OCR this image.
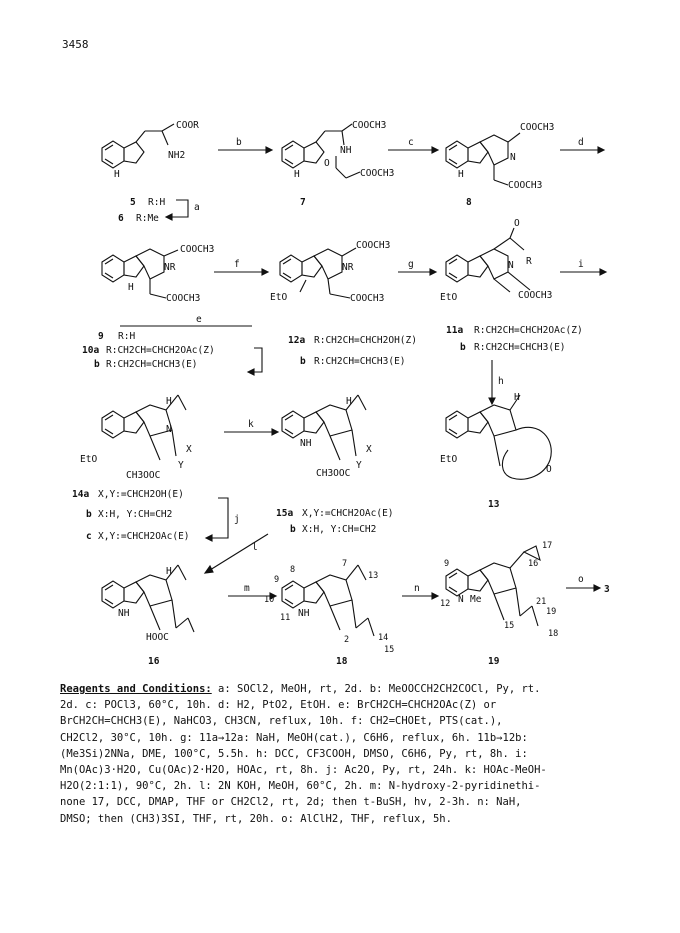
3458
COOR
H
NH2
b
5 R:H	a
6 R:Me
COOCH3
NH
H
O
COOCH3
7
c
COOCH3
N
H
COOCH3
8
d
COOCH3
NR
H
COOCH3
f
9 R:H
e
10a R:CH2CH=CHCH2OAc(Z)
b R:CH2CH=CHCH3(E)
COOCH3
NR
EtO	COOCH3
g
12a R:CH2CH=CHCH2OH(Z)
b R:CH2CH=CHCH3(E)
O
N R
EtO	COOCH3
i
11a R:CH2CH=CHCH2OAc(Z)
b R:CH2CH=CHCH3(E)
h
H
N
EtO
X
Y
CH3OOC
k
14a X,Y:=CHCH2OH(E)
b X:H, Y:CH=CH2
c X,Y:=CHCH2OAc(E)
j
H
NH
X
Y
CH3OOC
15a X,Y:=CHCH2OAc(E)
b X:H, Y:CH=CH2
H
EtO
O
13
l
H
NH
HOOC
16
m
NH
14
15
13
7
9
8
10
11
2
18
n
Me
N
17
16
21
19
18
15
12
9
19
o
3
Reagents and Conditions: a: SOCl2, MeOH, rt, 2d. b: MeOOCCH2CH2COCl, Py, rt.
2d. c: POCl3, 60°C, 10h. d: H2, PtO2, EtOH. e: BrCH2CH=CHCH2OAc(Z) or
BrCH2CH=CHCH3(E), NaHCO3, CH3CN, reflux, 10h. f: CH2=CHOEt, PTS(cat.),
CH2Cl2, 30°C, 10h. g: 11a→12a: NaH, MeOH(cat.), C6H6, reflux, 6h. 11b→12b:
(Me3Si)2NNa, DME, 100°C, 5.5h. h: DCC, CF3COOH, DMSO, C6H6, Py, rt, 8h. i:
Mn(OAc)3·H2O, Cu(OAc)2·H2O, HOAc, rt, 8h. j: Ac2O, Py, rt, 24h. k: HOAc-MeOH-
H2O(2:1:1), 90°C, 2h. l: 2N KOH, MeOH, 60°C, 2h. m: N-hydroxy-2-pyridinethi-
none 17, DCC, DMAP, THF or CH2Cl2, rt, 2d; then t-BuSH, hv, 2-3h. n: NaH,
DMSO; then (CH3)3SI, THF, rt, 20h. o: AlClH2, THF, reflux, 5h.
